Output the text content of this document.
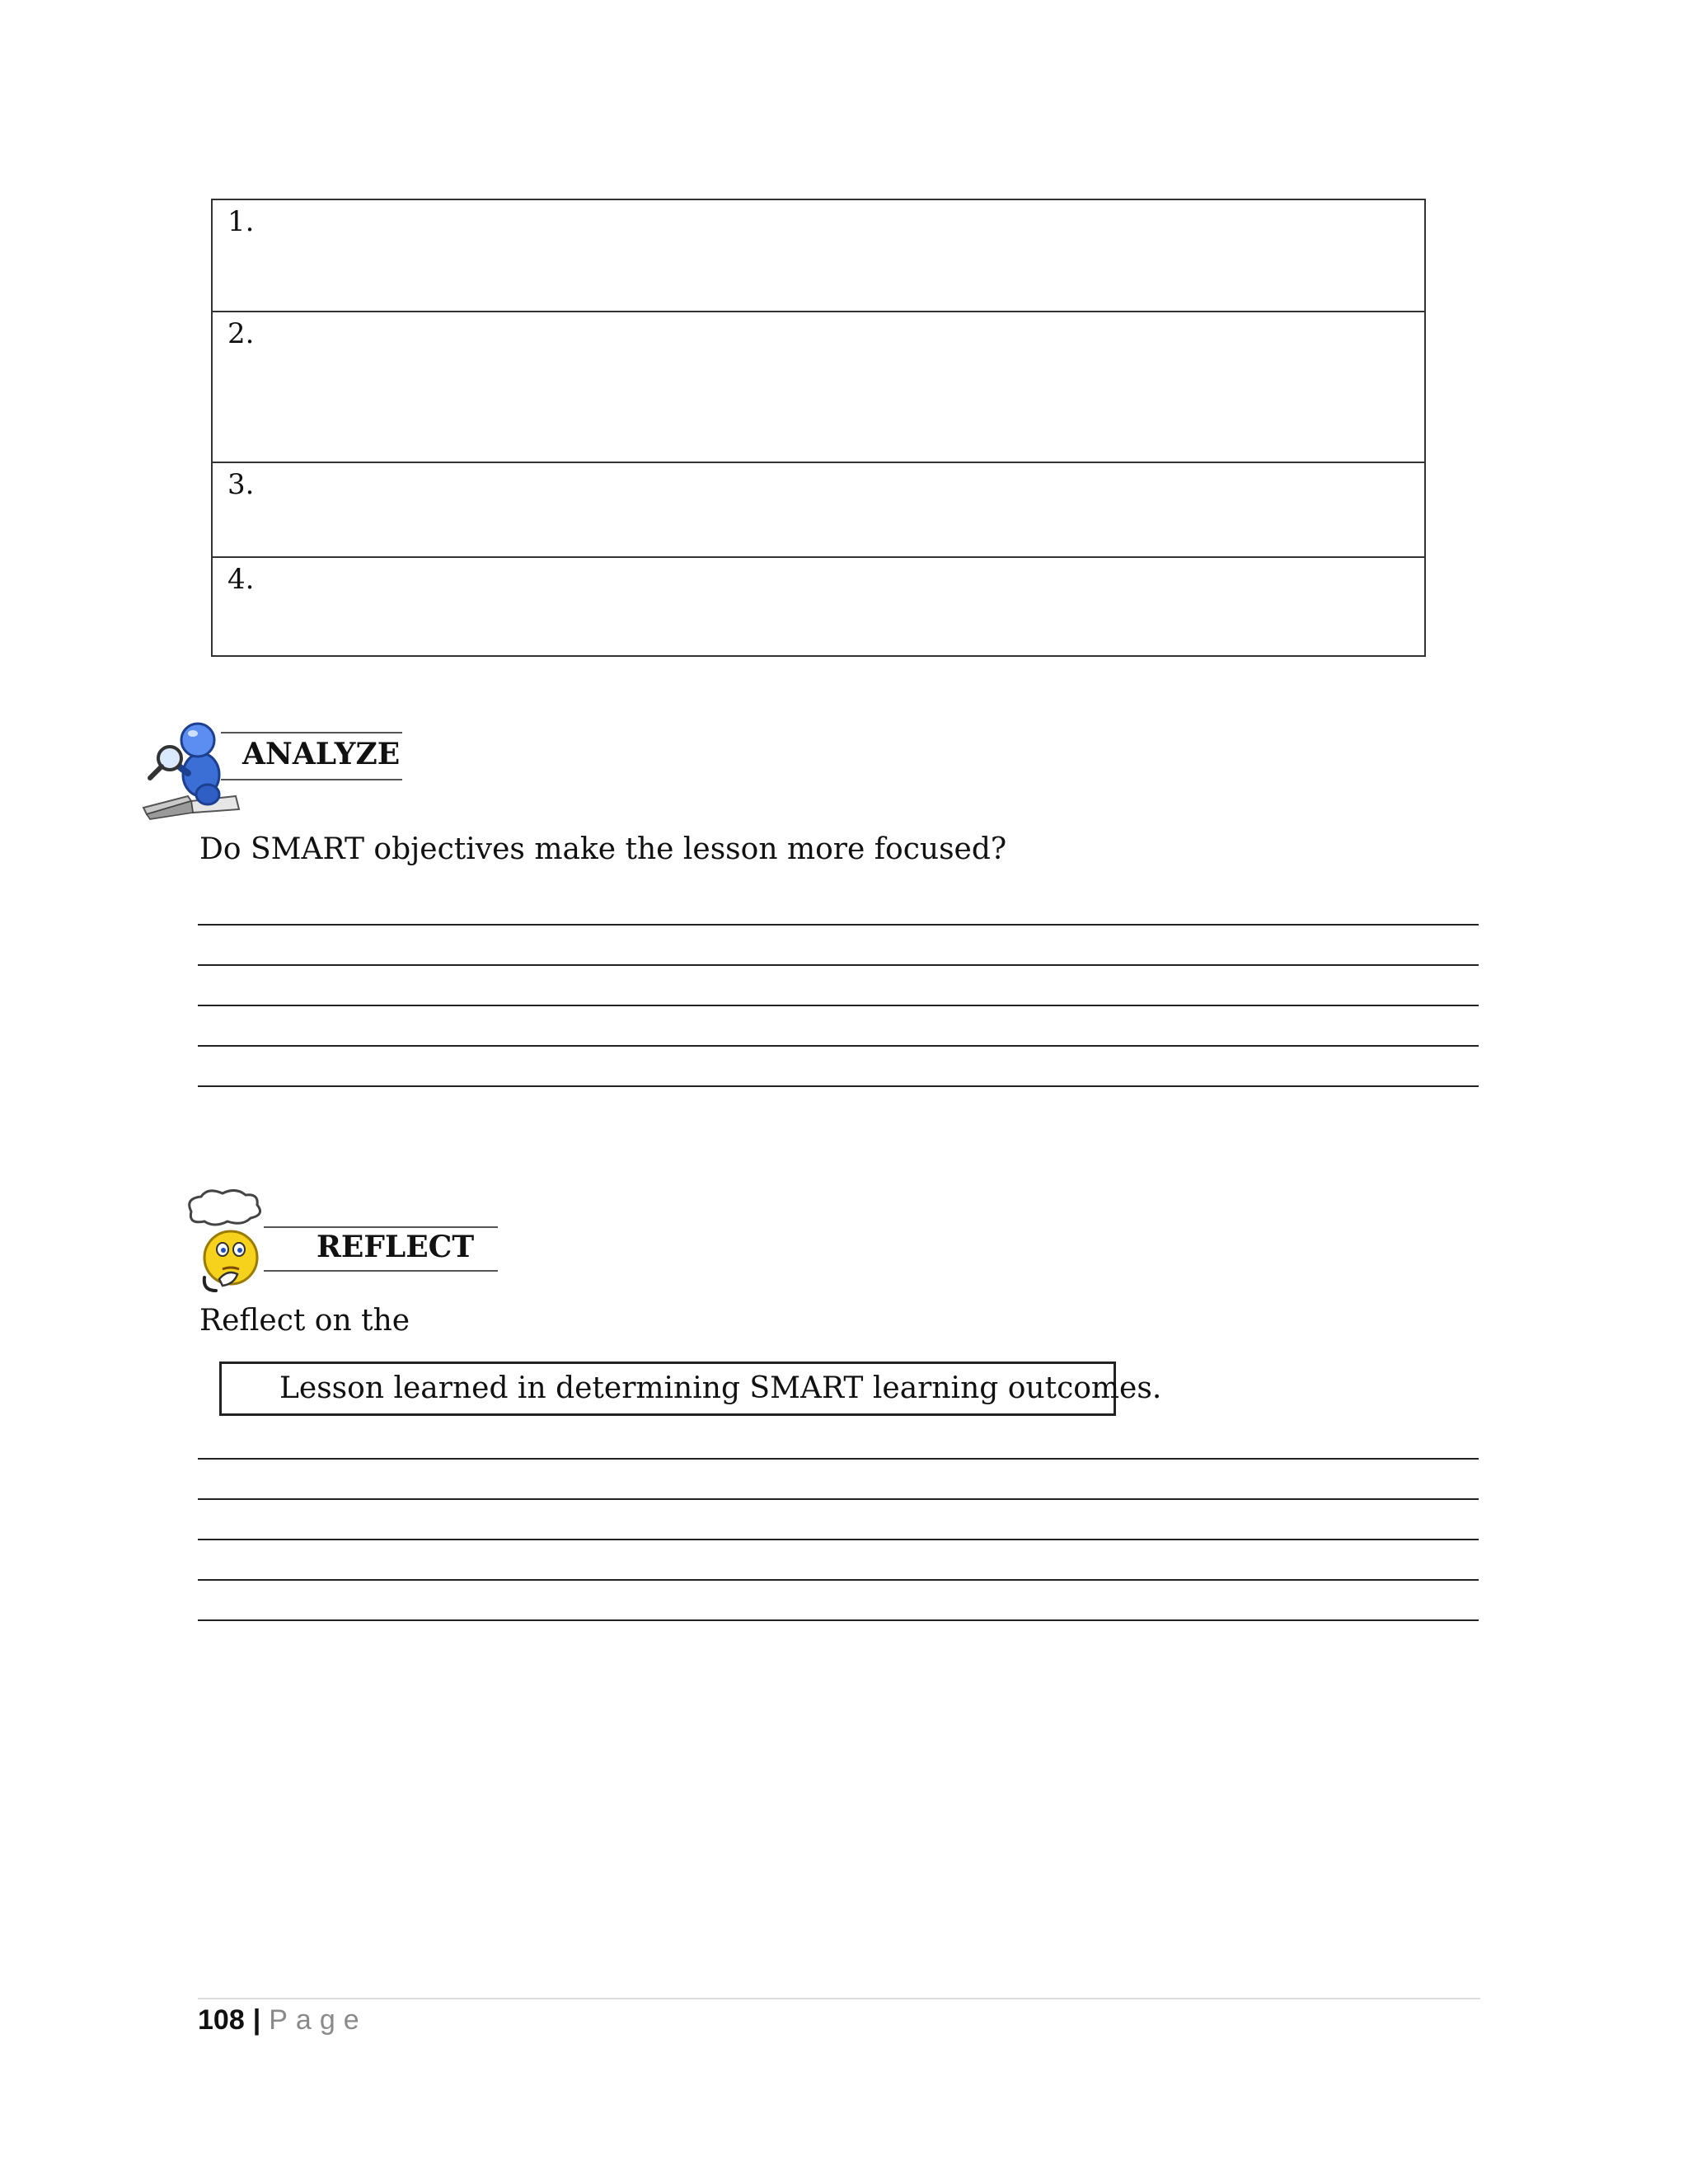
1.
2.
3.
4.
ANALYZE
Do SMART objectives make the lesson more focused?
REFLECT
Reflect on the
Lesson learned in determining SMART learning outcomes.
108 | Page
